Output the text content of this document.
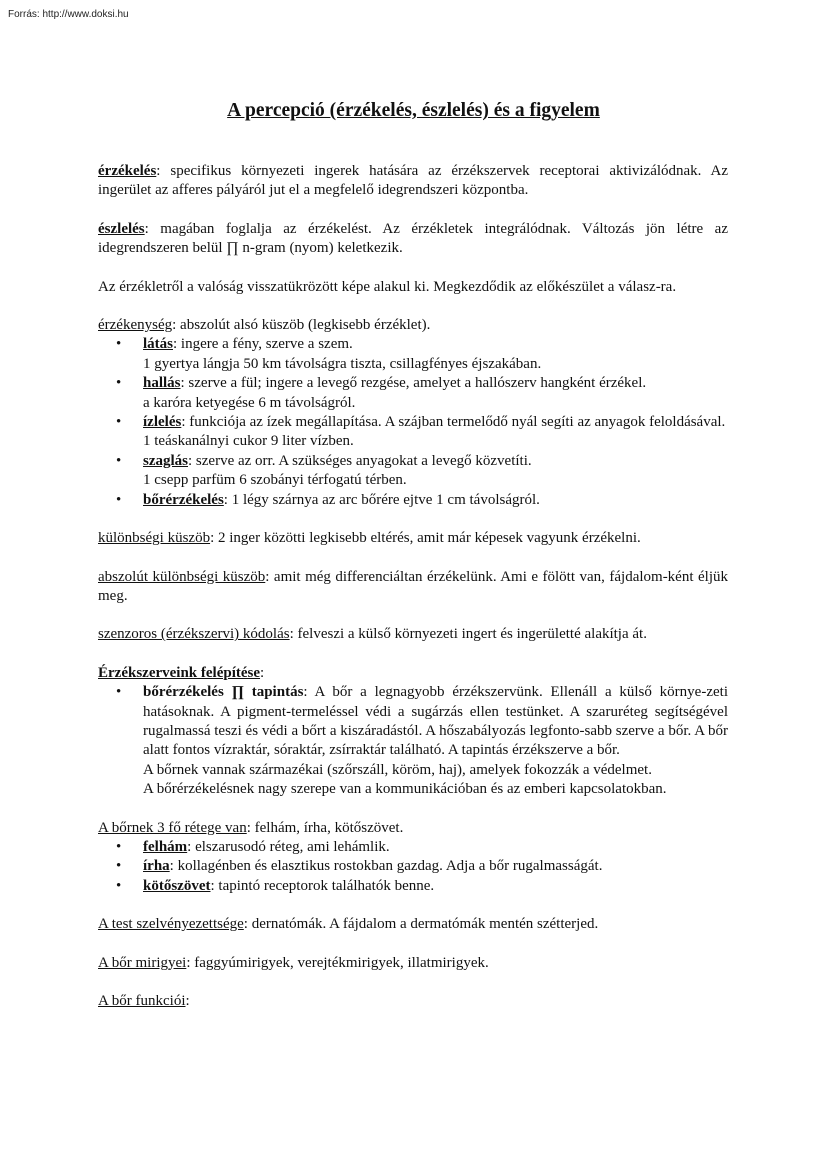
Forrás: http://www.doksi.hu
A percepció (érzékelés, észlelés) és a figyelem

érzékelés: specifikus környezeti ingerek hatására az érzékszervek receptorai aktivizálódnak. Az ingerület az afferes pályáról jut el a megfelelő idegrendszeri központba.

észlelés: magában foglalja az érzékelést. Az érzékletek integrálódnak. Változás jön létre az idegrendszeren belül ∏ n-gram (nyom) keletkezik.

Az érzékletről a valóság visszatükrözött képe alakul ki. Megkezdődik az előkészület a válasz-ra.

érzékenység: abszolút alsó küszöb (legkisebb érzéklet).
• látás: ingere a fény, szerve a szem.
1 gyertya lángja 50 km távolságra tiszta, csillagfényes éjszakában.
• hallás: szerve a fül; ingere a levegő rezgése, amelyet a hallószerv hangként érzékel.
a karóra ketyegése 6 m távolságról.
• ízlelés: funkciója az ízek megállapítása. A szájban termelődő nyál segíti az anyagok feloldásával.
1 teáskanálnyi cukor 9 liter vízben.
• szaglás: szerve az orr. A szükséges anyagokat a levegő közvetíti.
1 csepp parfüm 6 szobányi térfogatú térben.
• bőrérzékelés: 1 légy szárnya az arc bőrére ejtve 1 cm távolságról.

különbségi küszöb: 2 inger közötti legkisebb eltérés, amit már képesek vagyunk érzékelni.

abszolút különbségi küszöb: amit még differenciáltan érzékelünk. Ami e fölött van, fájdalom-ként éljük meg.

szenzoros (érzékszervi) kódolás: felveszi a külső környezeti ingert és ingerületté alakítja át.

Érzékszerveink felépítése:
• bőrérzékelés ∏ tapintás: A bőr a legnagyobb érzékszervünk. Ellenáll a külső környe-zeti hatásoknak. A pigment-termeléssel védi a sugárzás ellen testünket. A szaruréteg segítségével rugalmassá teszi és védi a bőrt a kiszáradástól. A hőszabályozás legfonto-sabb szerve a bőr. A bőr alatt fontos vízraktár, sóraktár, zsírraktár található. A tapintás érzékszerve a bőr.
A bőrnek vannak származékai (szőrszáll, köröm, haj), amelyek fokozzák a védelmet.
A bőrérzékelésnek nagy szerepe van a kommunikációban és az emberi kapcsolatokban.
A bőrnek 3 fő rétege van: felhám, írha, kötőszövet.
• felhám: elszarusodó réteg, ami lehámlik.
• írha: kollagénben és elasztikus rostokban gazdag. Adja a bőr rugalmasságát.
• kötőszövet: tapintó receptorok találhatók benne.

A test szelvényezettsége: dernatómák. A fájdalom a dermatómák mentén szétterjed.

A bőr mirigyei: faggyúmirigyek, verejtékmirigyek, illatmirigyek.

A bőr funkciói:
